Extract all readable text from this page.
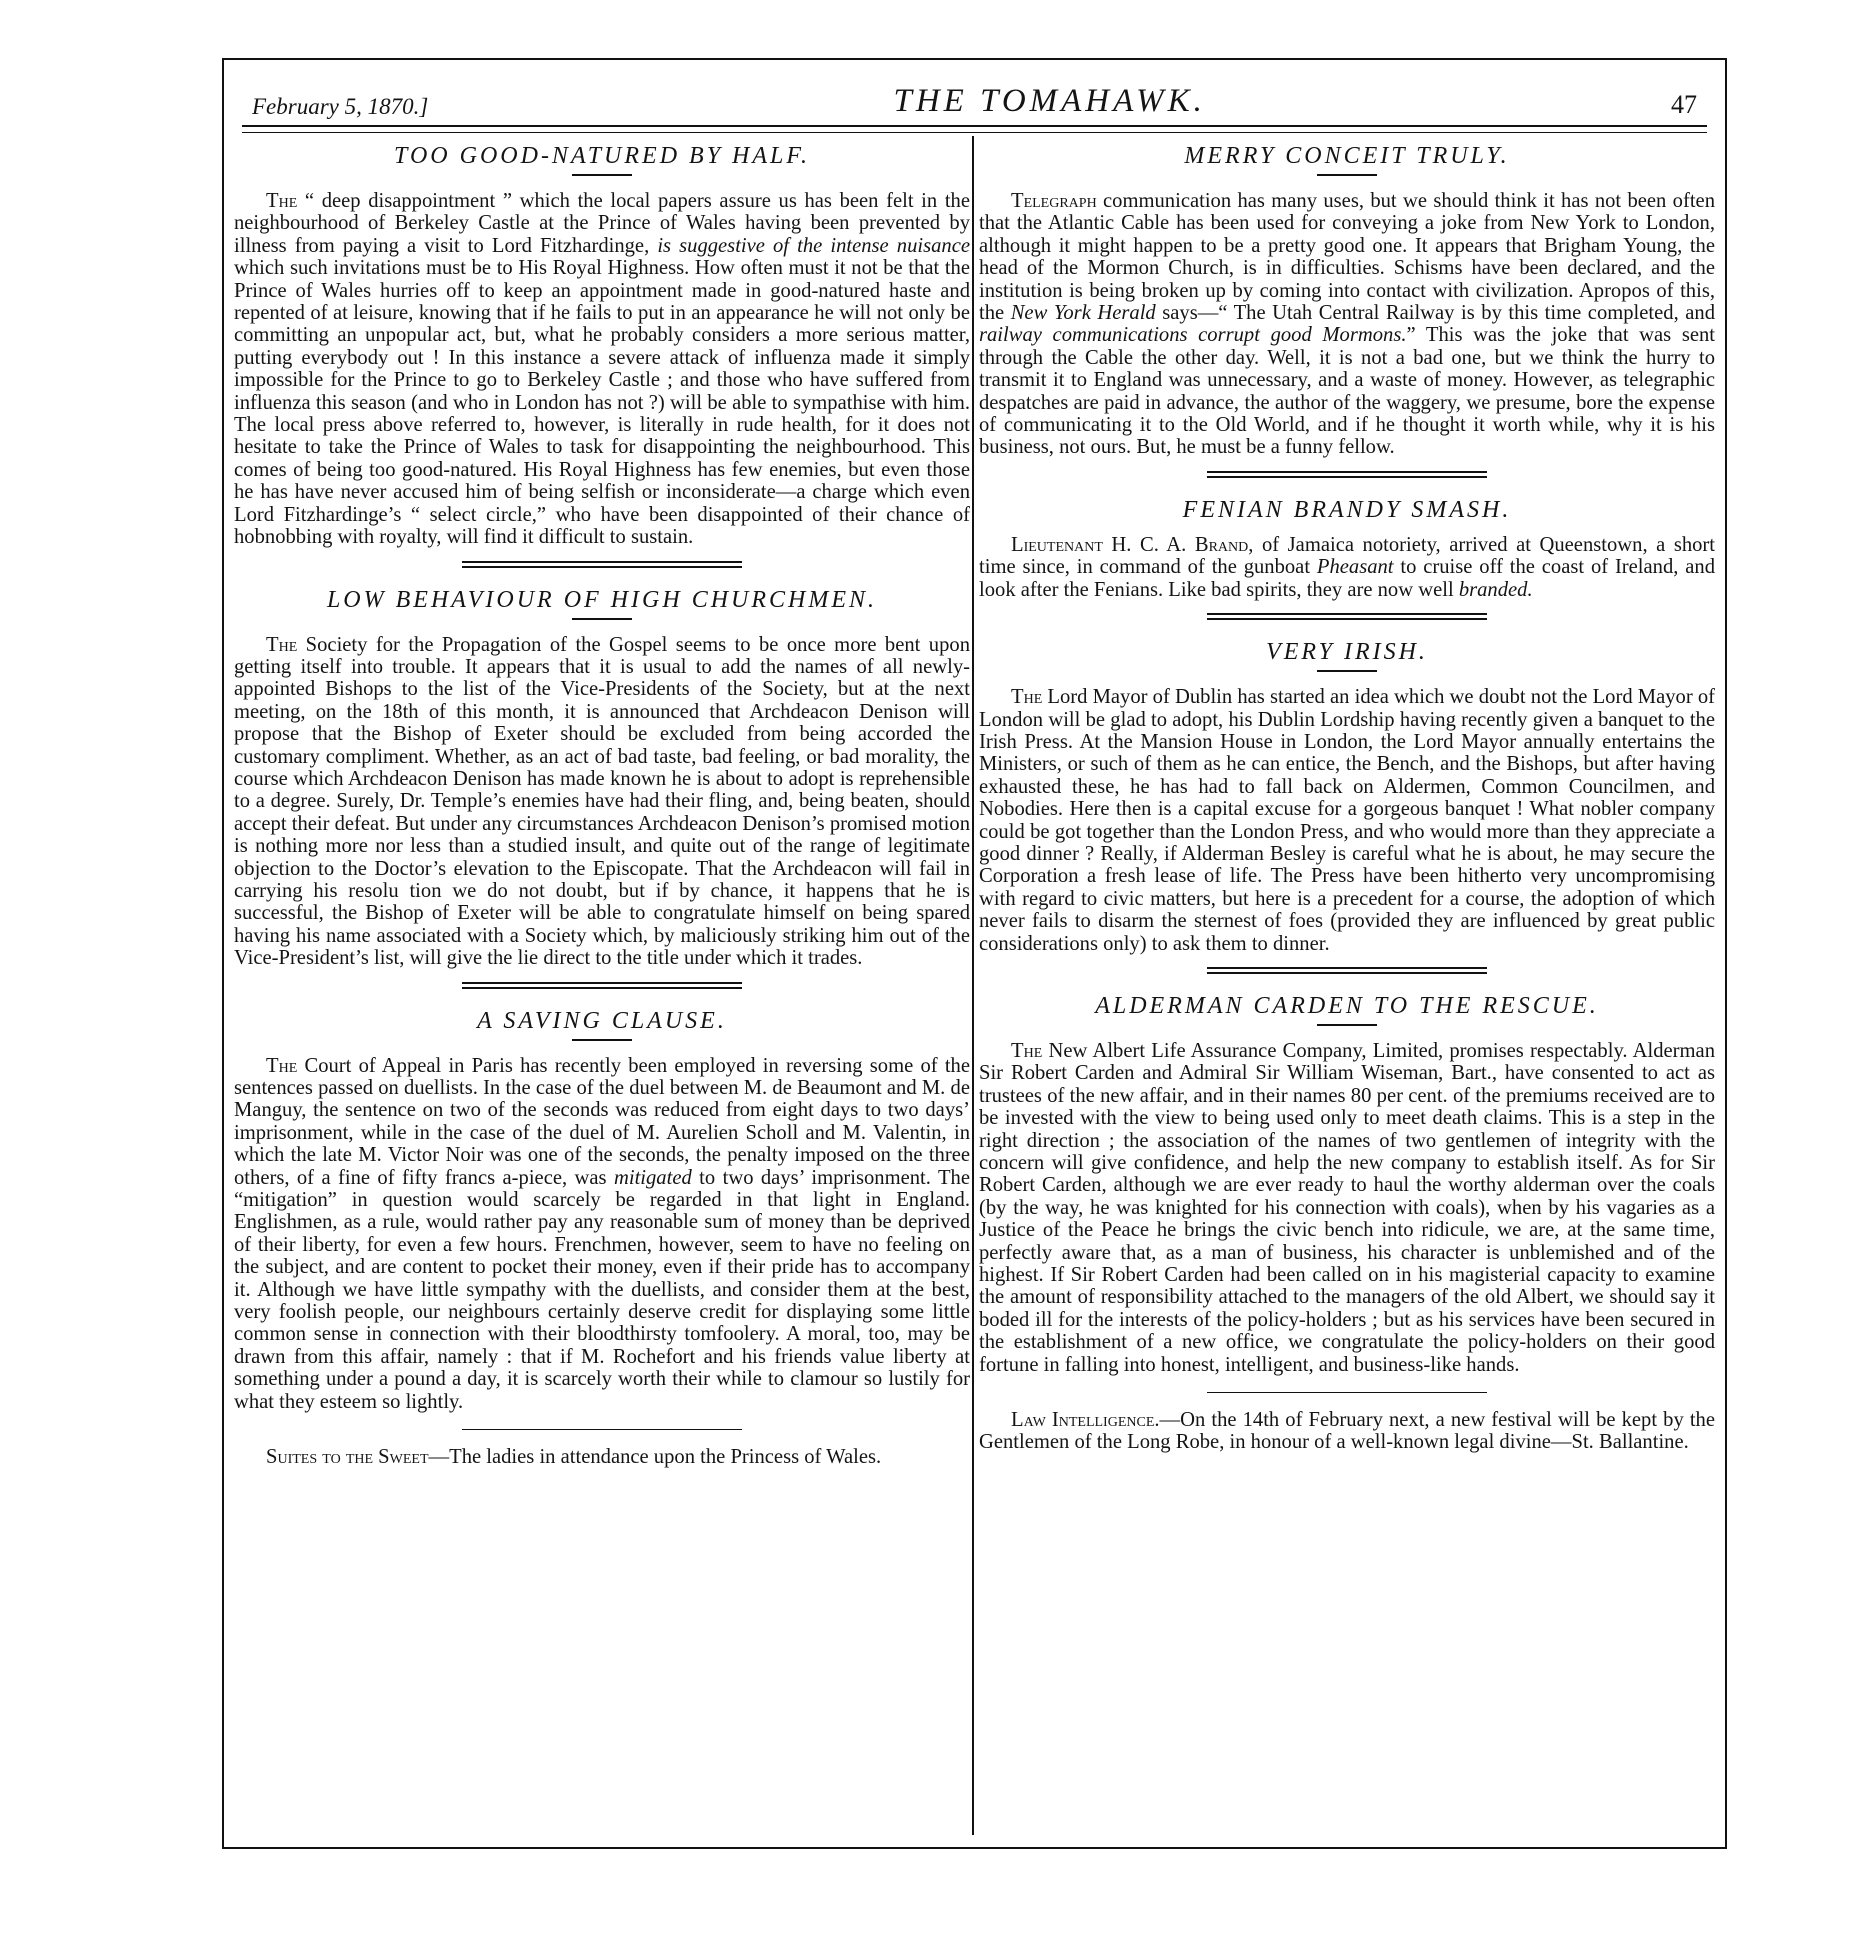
February 5, 1870.]	THE TOMAHAWK.	47
TOO GOOD-NATURED BY HALF.

The “ deep disappointment ” which the local papers assure us has been felt in the neighbourhood of Berkeley Castle at the Prince of Wales having been prevented by illness from paying a visit to Lord Fitzhardinge, is suggestive of the intense nuisance which such invitations must be to His Royal Highness. How often must it not be that the Prince of Wales hurries off to keep an appointment made in good-natured haste and repented of at leisure, knowing that if he fails to put in an appearance he will not only be committing an unpopular act, but, what he probably considers a more serious matter, putting everybody out ! In this instance a severe attack of influenza made it simply impossible for the Prince to go to Berkeley Castle ; and those who have suffered from influenza this season (and who in London has not ?) will be able to sympathise with him. The local press above referred to, however, is literally in rude health, for it does not hesitate to take the Prince of Wales to task for disappointing the neighbourhood. This comes of being too good-natured. His Royal Highness has few enemies, but even those he has have never accused him of being selfish or inconsiderate—a charge which even Lord Fitzhardinge’s “ select circle,” who have been disappointed of their chance of hobnobbing with royalty, will find it difficult to sustain.

LOW BEHAVIOUR OF HIGH CHURCHMEN.

The Society for the Propagation of the Gospel seems to be once more bent upon getting itself into trouble. It appears that it is usual to add the names of all newly-appointed Bishops to the list of the Vice-Presidents of the Society, but at the next meeting, on the 18th of this month, it is announced that Archdeacon Denison will propose that the Bishop of Exeter should be excluded from being accorded the customary compliment. Whether, as an act of bad taste, bad feeling, or bad morality, the course which Archdeacon Denison has made known he is about to adopt is reprehensible to a degree. Surely, Dr. Temple’s enemies have had their fling, and, being beaten, should accept their defeat. But under any circumstances Archdeacon Denison’s promised motion is nothing more nor less than a studied insult, and quite out of the range of legitimate objection to the Doctor’s elevation to the Episcopate. That the Archdeacon will fail in carrying his resolu tion we do not doubt, but if by chance, it happens that he is successful, the Bishop of Exeter will be able to congratulate himself on being spared having his name associated with a Society which, by maliciously striking him out of the Vice-President’s list, will give the lie direct to the title under which it trades.

A SAVING CLAUSE.

The Court of Appeal in Paris has recently been employed in reversing some of the sentences passed on duellists. In the case of the duel between M. de Beaumont and M. de Manguy, the sentence on two of the seconds was reduced from eight days to two days’ imprisonment, while in the case of the duel of M. Aurelien Scholl and M. Valentin, in which the late M. Victor Noir was one of the seconds, the penalty imposed on the three others, of a fine of fifty francs a-piece, was mitigated to two days’ imprisonment. The “mitigation” in question would scarcely be regarded in that light in England. Englishmen, as a rule, would rather pay any reasonable sum of money than be deprived of their liberty, for even a few hours. Frenchmen, however, seem to have no feeling on the subject, and are content to pocket their money, even if their pride has to accompany it. Although we have little sympathy with the duellists, and consider them at the best, very foolish people, our neighbours certainly deserve credit for displaying some little common sense in connection with their bloodthirsty tomfoolery. A moral, too, may be drawn from this affair, namely : that if M. Rochefort and his friends value liberty at something under a pound a day, it is scarcely worth their while to clamour so lustily for what they esteem so lightly.

Suites to the Sweet—The ladies in attendance upon the Princess of Wales.

MERRY CONCEIT TRULY.

Telegraph communication has many uses, but we should think it has not been often that the Atlantic Cable has been used for conveying a joke from New York to London, although it might happen to be a pretty good one. It appears that Brigham Young, the head of the Mormon Church, is in difficulties. Schisms have been declared, and the institution is being broken up by coming into contact with civilization. Apropos of this, the New York Herald says—“ The Utah Central Railway is by this time completed, and railway communications corrupt good Mormons.” This was the joke that was sent through the Cable the other day. Well, it is not a bad one, but we think the hurry to transmit it to England was unnecessary, and a waste of money. However, as telegraphic despatches are paid in advance, the author of the waggery, we presume, bore the expense of communicating it to the Old World, and if he thought it worth while, why it is his business, not ours. But, he must be a funny fellow.

FENIAN BRANDY SMASH.

Lieutenant H. C. A. Brand, of Jamaica notoriety, arrived at Queenstown, a short time since, in command of the gunboat Pheasant to cruise off the coast of Ireland, and look after the Fenians. Like bad spirits, they are now well branded.

VERY IRISH.

The Lord Mayor of Dublin has started an idea which we doubt not the Lord Mayor of London will be glad to adopt, his Dublin Lordship having recently given a banquet to the Irish Press. At the Mansion House in London, the Lord Mayor annually entertains the Ministers, or such of them as he can entice, the Bench, and the Bishops, but after having exhausted these, he has had to fall back on Aldermen, Common Councilmen, and Nobodies. Here then is a capital excuse for a gorgeous banquet ! What nobler company could be got together than the London Press, and who would more than they appreciate a good dinner ? Really, if Alderman Besley is careful what he is about, he may secure the Corporation a fresh lease of life. The Press have been hitherto very uncompromising with regard to civic matters, but here is a precedent for a course, the adoption of which never fails to disarm the sternest of foes (provided they are influenced by great public considerations only) to ask them to dinner.

ALDERMAN CARDEN TO THE RESCUE.

The New Albert Life Assurance Company, Limited, promises respectably. Alderman Sir Robert Carden and Admiral Sir William Wiseman, Bart., have consented to act as trustees of the new affair, and in their names 80 per cent. of the premiums received are to be invested with the view to being used only to meet death claims. This is a step in the right direction ; the association of the names of two gentlemen of integrity with the concern will give confidence, and help the new company to establish itself. As for Sir Robert Carden, although we are ever ready to haul the worthy alderman over the coals (by the way, he was knighted for his connection with coals), when by his vagaries as a Justice of the Peace he brings the civic bench into ridicule, we are, at the same time, perfectly aware that, as a man of business, his character is unblemished and of the highest. If Sir Robert Carden had been called on in his magisterial capacity to examine the amount of responsibility attached to the managers of the old Albert, we should say it boded ill for the interests of the policy-holders ; but as his services have been secured in the establishment of a new office, we congratulate the policy-holders on their good fortune in falling into honest, intelligent, and business-like hands.

Law Intelligence.—On the 14th of February next, a new festival will be kept by the Gentlemen of the Long Robe, in honour of a well-known legal divine—St. Ballantine.
